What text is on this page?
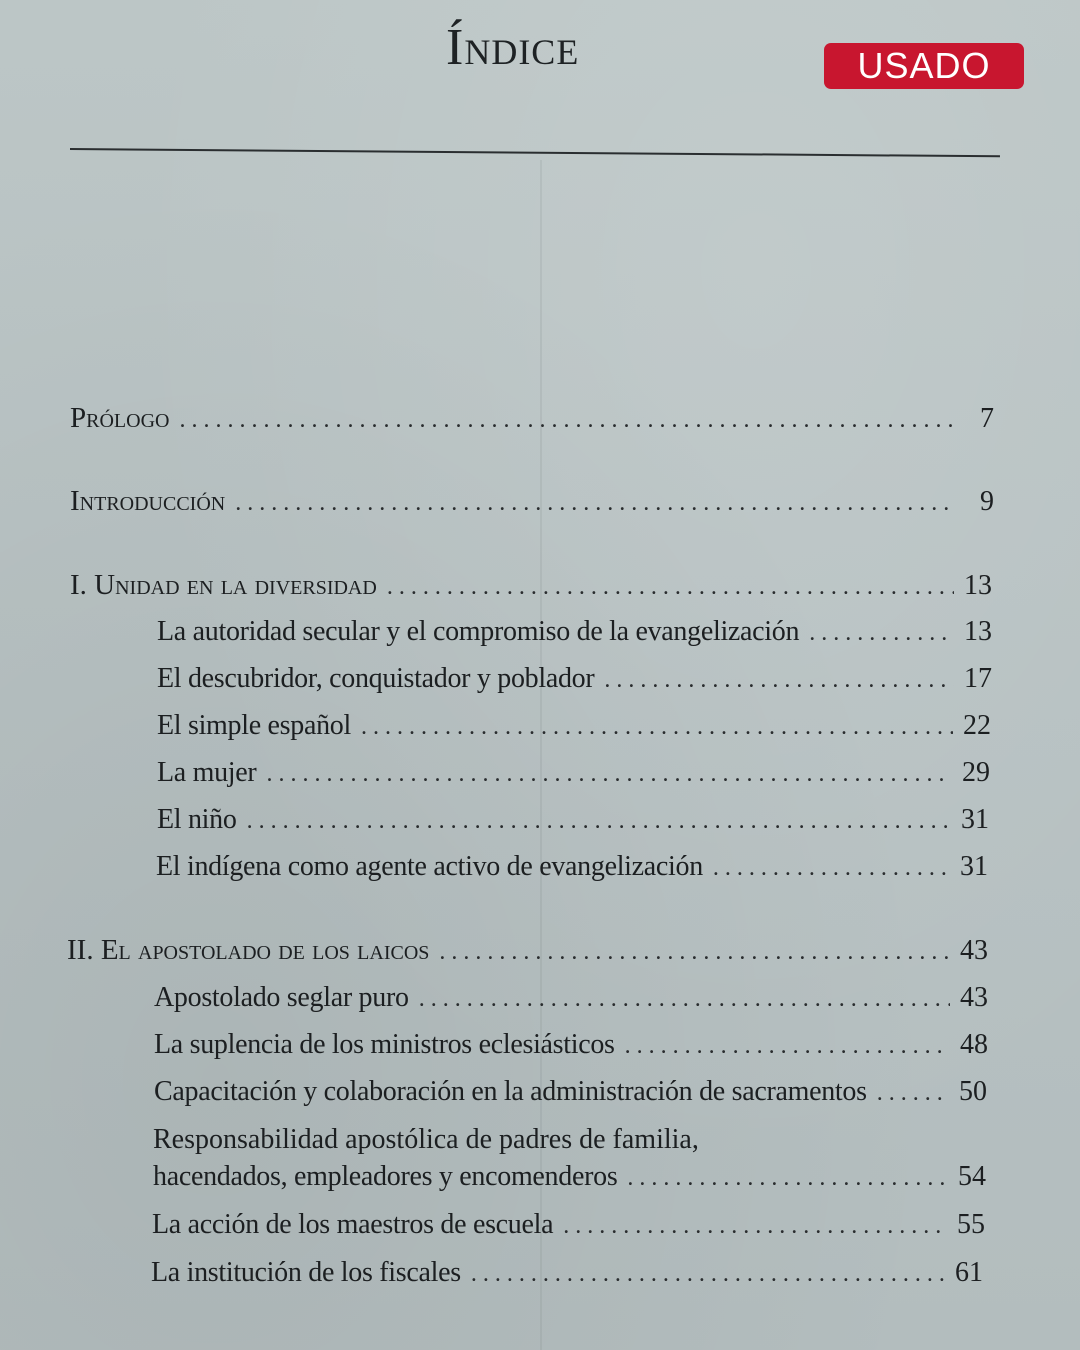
Índice	USADO
Prólogo . . .	7
Introducción . . .	9
I. Unidad en la diversidad . . .	13
La autoridad secular y el compromiso de la evangelización . . .	13
El descubridor, conquistador y poblador . . .	17
El simple español . . .	22
La mujer . . .	29
El niño . . .	31
El indígena como agente activo de evangelización . . .	31
II. El apostolado de los laicos . . .	43
Apostolado seglar puro . . .	43
La suplencia de los ministros eclesiásticos . . .	48
Capacitación y colaboración en la administración de sacramentos . . .	50
Responsabilidad apostólica de padres de familia,
hacendados, empleadores y encomenderos . . .	54
La acción de los maestros de escuela . . .	55
La institución de los fiscales . . .	61
